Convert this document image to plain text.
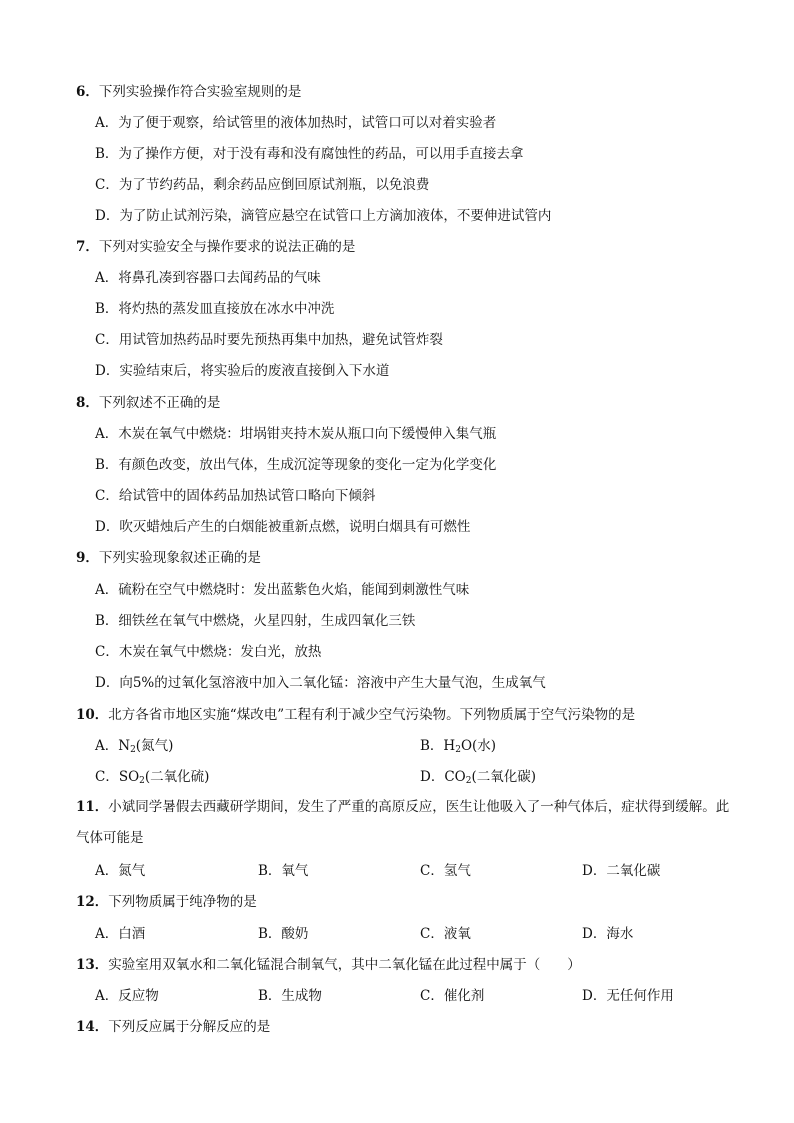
6．下列实验操作符合实验室规则的是
A．为了便于观察，给试管里的液体加热时，试管口可以对着实验者
B．为了操作方便，对于没有毒和没有腐蚀性的药品，可以用手直接去拿
C．为了节约药品，剩余药品应倒回原试剂瓶，以免浪费
D．为了防止试剂污染，滴管应悬空在试管口上方滴加液体，不要伸进试管内
7．下列对实验安全与操作要求的说法正确的是
A．将鼻孔凑到容器口去闻药品的气味
B．将灼热的蒸发皿直接放在冰水中冲洗
C．用试管加热药品时要先预热再集中加热，避免试管炸裂
D．实验结束后，将实验后的废液直接倒入下水道
8．下列叙述不正确的是
A．木炭在氧气中燃烧：坩埚钳夹持木炭从瓶口向下缓慢伸入集气瓶
B．有颜色改变，放出气体，生成沉淀等现象的变化一定为化学变化
C．给试管中的固体药品加热试管口略向下倾斜
D．吹灭蜡烛后产生的白烟能被重新点燃，说明白烟具有可燃性
9．下列实验现象叙述正确的是
A．硫粉在空气中燃烧时：发出蓝紫色火焰，能闻到刺激性气味
B．细铁丝在氧气中燃烧，火星四射，生成四氧化三铁
C．木炭在氧气中燃烧：发白光，放热
D．向5%的过氧化氢溶液中加入二氧化锰：溶液中产生大量气泡，生成氧气
10．北方各省市地区实施“煤改电”工程有利于减少空气污染物。下列物质属于空气污染物的是
A．$N_2$(氮气)	B．$H_2O$(水)
C．$SO_2$(二氧化硫)	D．$CO_2$(二氧化碳)
11．小斌同学暑假去西藏研学期间，发生了严重的高原反应，医生让他吸入了一种气体后，症状得到缓解。此气体可能是
A．氮气	B．氧气	C．氢气	D．二氧化碳
12．下列物质属于纯净物的是
A．白酒	B．酸奶	C．液氧	D．海水
13．实验室用双氧水和二氧化锰混合制氧气，其中二氧化锰在此过程中属于（　　）
A．反应物	B．生成物	C．催化剂	D．无任何作用
14．下列反应属于分解反应的是
